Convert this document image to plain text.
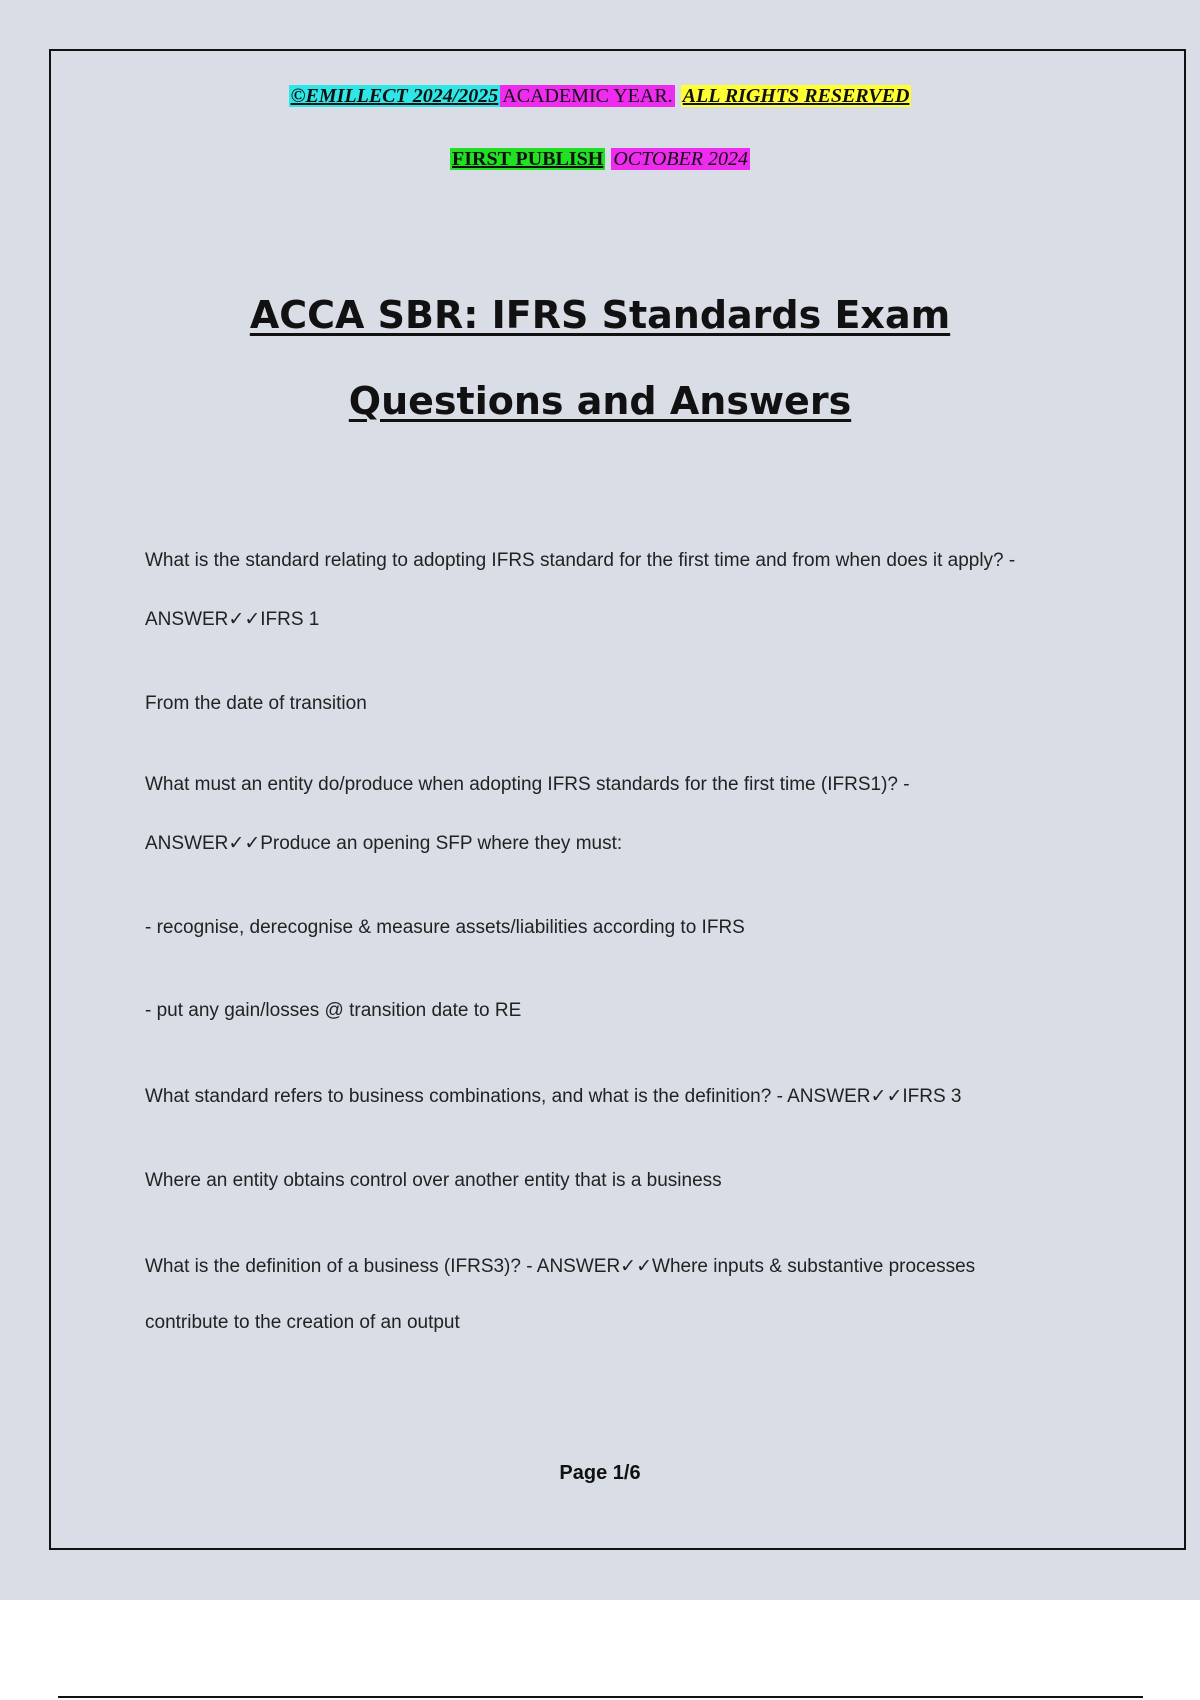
©EMILLECT 2024/2025 ACADEMIC YEAR. ALL RIGHTS RESERVED
FIRST PUBLISH OCTOBER 2024
ACCA SBR: IFRS Standards Exam
Questions and Answers
What is the standard relating to adopting IFRS standard for the first time and from when does it apply? -
ANSWER✓✓IFRS 1
From the date of transition
What must an entity do/produce when adopting IFRS standards for the first time (IFRS1)? -
ANSWER✓✓Produce an opening SFP where they must:
- recognise, derecognise & measure assets/liabilities according to IFRS
- put any gain/losses @ transition date to RE
What standard refers to business combinations, and what is the definition? - ANSWER✓✓IFRS 3
Where an entity obtains control over another entity that is a business
What is the definition of a business (IFRS3)? - ANSWER✓✓Where inputs & substantive processes
contribute to the creation of an output
Page 1/6
